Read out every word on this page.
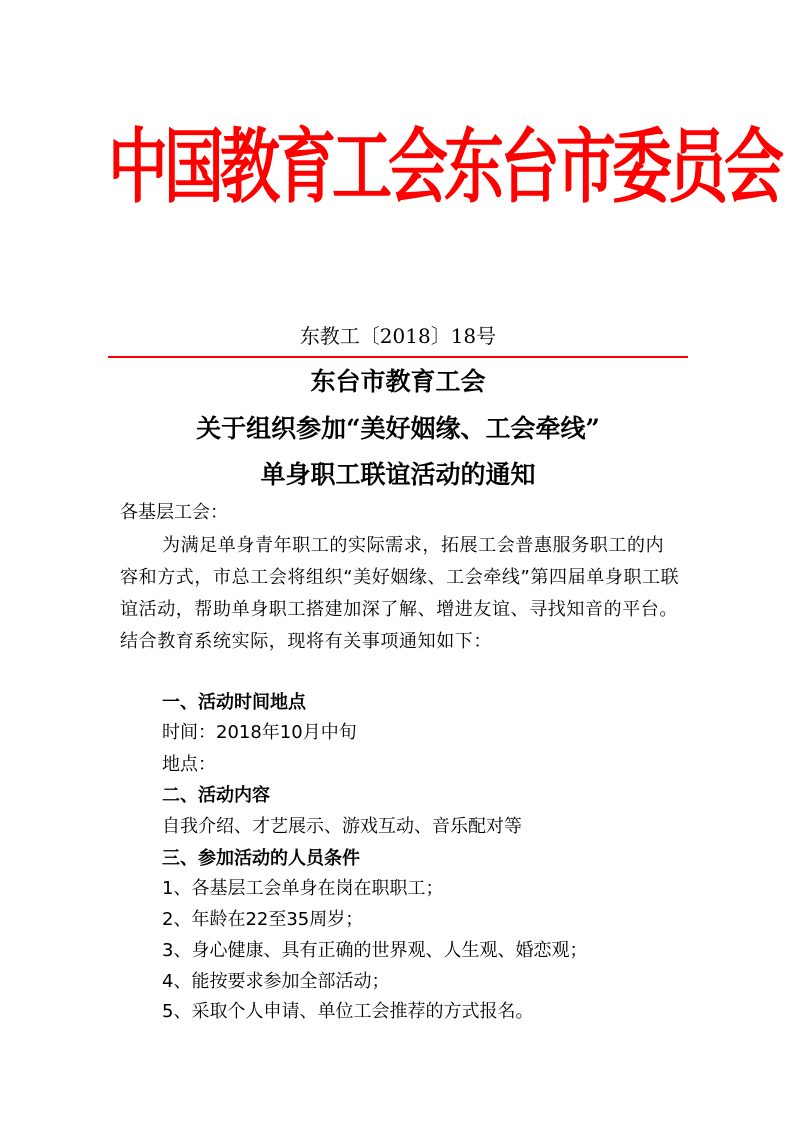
中国教育工会东台市委员会
东教工〔2018〕18号
东台市教育工会
关于组织参加“美好姻缘、工会牵线”
单身职工联谊活动的通知
各基层工会：

为满足单身青年职工的实际需求，拓展工会普惠服务职工的内容和方式，市总工会将组织“美好姻缘、工会牵线”第四届单身职工联谊活动，帮助单身职工搭建加深了解、增进友谊、寻找知音的平台。结合教育系统实际，现将有关事项通知如下：

一、活动时间地点
时间：2018年10月中旬
地点：
二、活动内容
自我介绍、才艺展示、游戏互动、音乐配对等
三、参加活动的人员条件
1、各基层工会单身在岗在职职工；
2、年龄在22至35周岁；
3、身心健康、具有正确的世界观、人生观、婚恋观；
4、能按要求参加全部活动；
5、采取个人申请、单位工会推荐的方式报名。
